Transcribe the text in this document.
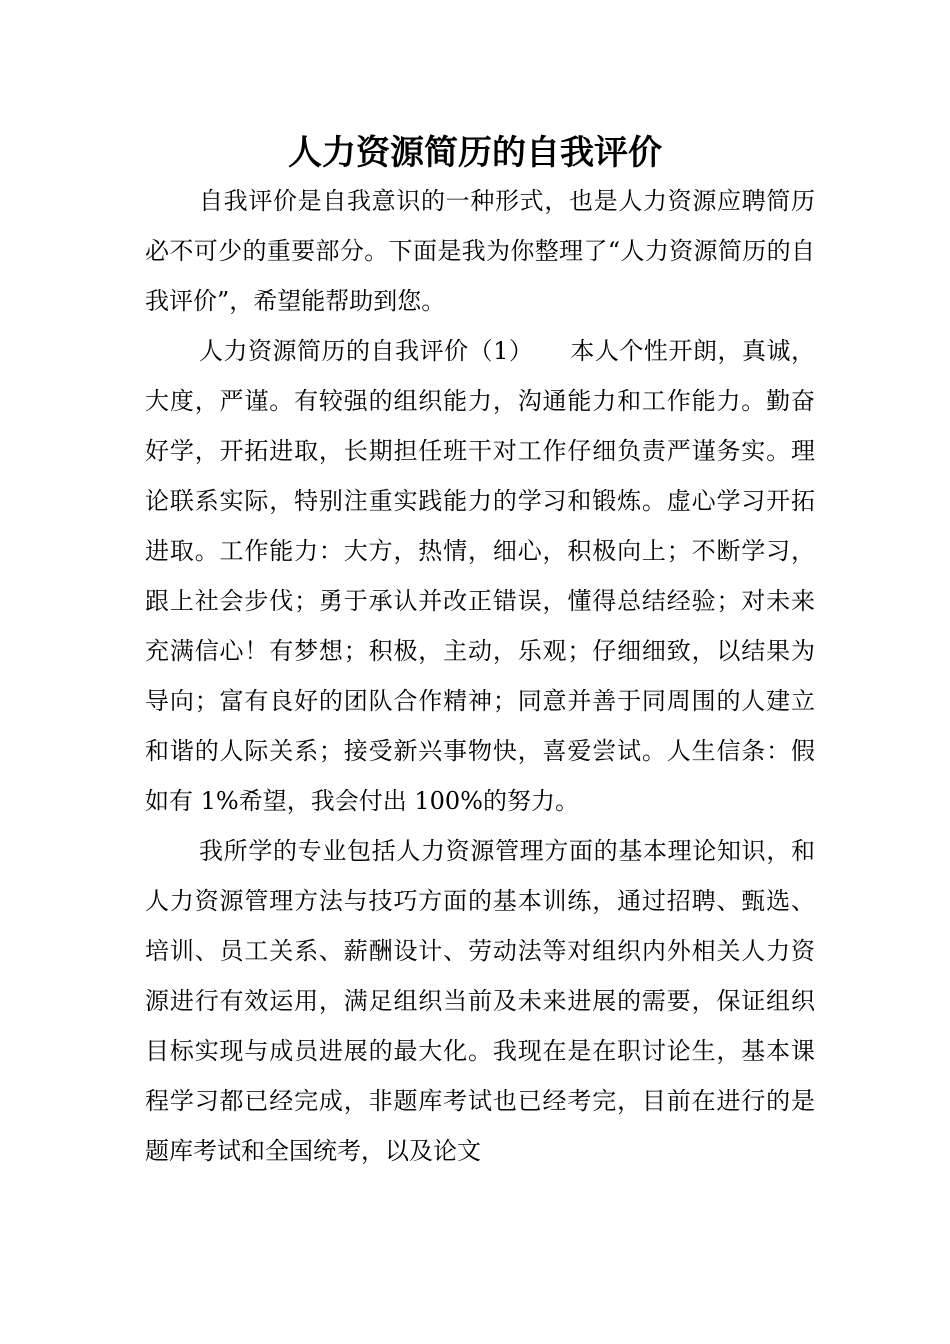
人力资源简历的自我评价

自我评价是自我意识的一种形式，也是人力资源应聘简历必不可少的重要部分。下面是我为你整理了“人力资源简历的自我评价”，希望能帮助到您。

人力资源简历的自我评价（1）　　本人个性开朗，真诚，大度，严谨。有较强的组织能力，沟通能力和工作能力。勤奋好学，开拓进取，长期担任班干对工作仔细负责严谨务实。理论联系实际，特别注重实践能力的学习和锻炼。虚心学习开拓进取。工作能力：大方，热情，细心，积极向上；不断学习，跟上社会步伐；勇于承认并改正错误，懂得总结经验；对未来充满信心！有梦想；积极，主动，乐观；仔细细致，以结果为导向；富有良好的团队合作精神；同意并善于同周围的人建立和谐的人际关系；接受新兴事物快，喜爱尝试。人生信条：假如有 1%希望，我会付出 100%的努力。

我所学的专业包括人力资源管理方面的基本理论知识，和人力资源管理方法与技巧方面的基本训练，通过招聘、甄选、培训、员工关系、薪酬设计、劳动法等对组织内外相关人力资源进行有效运用，满足组织当前及未来进展的需要，保证组织目标实现与成员进展的最大化。我现在是在职讨论生，基本课程学习都已经完成，非题库考试也已经考完，目前在进行的是题库考试和全国统考，以及论文
